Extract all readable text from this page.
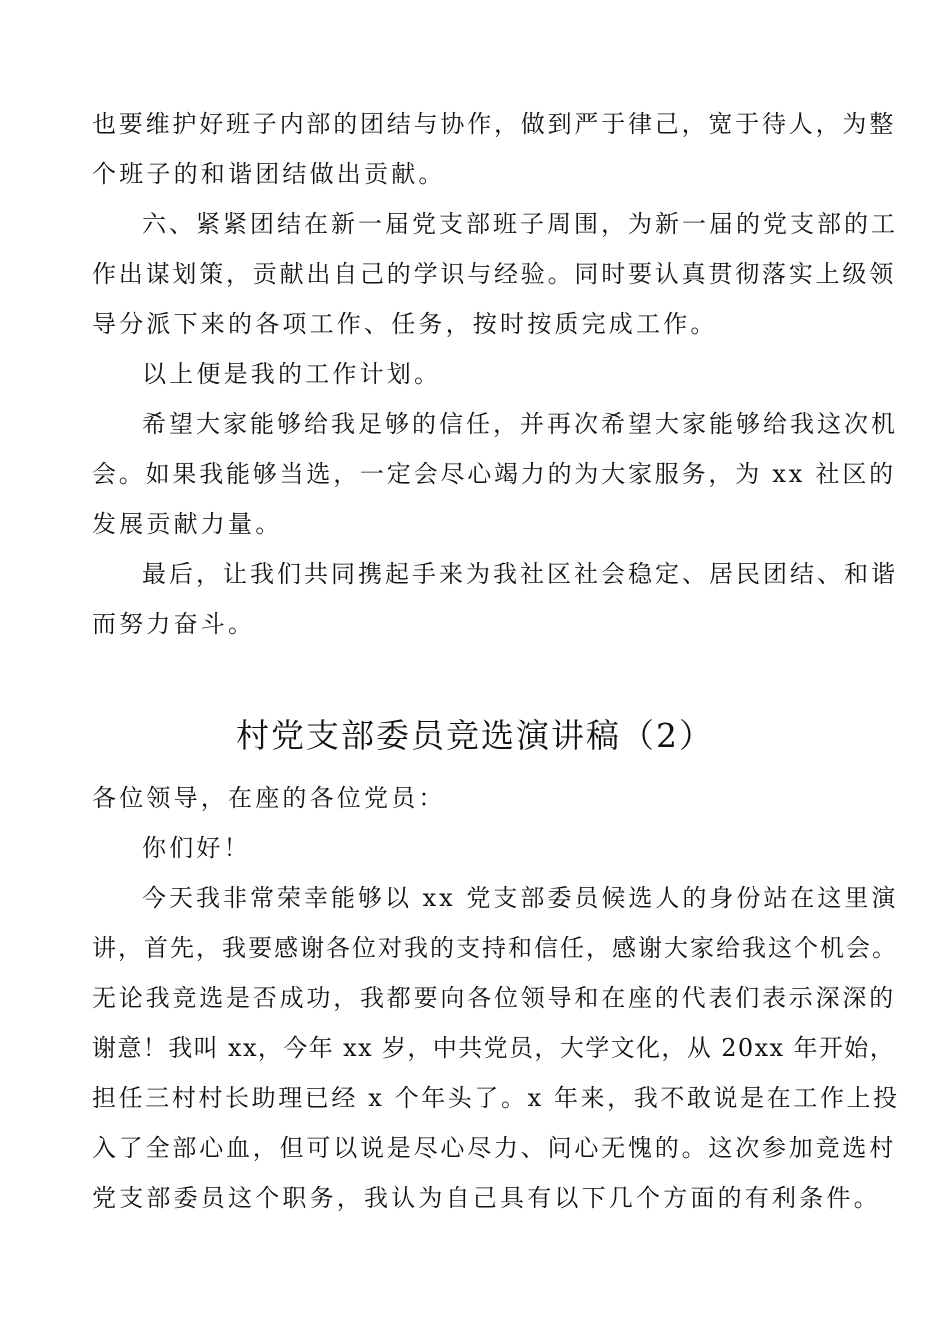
也要维护好班子内部的团结与协作，做到严于律己，宽于待人，为整
个班子的和谐团结做出贡献。
六、紧紧团结在新一届党支部班子周围，为新一届的党支部的工
作出谋划策，贡献出自己的学识与经验。同时要认真贯彻落实上级领
导分派下来的各项工作、任务，按时按质完成工作。
以上便是我的工作计划。
希望大家能够给我足够的信任，并再次希望大家能够给我这次机
会。如果我能够当选，一定会尽心竭力的为大家服务，为 xx 社区的
发展贡献力量。
最后，让我们共同携起手来为我社区社会稳定、居民团结、和谐
而努力奋斗。
村党支部委员竞选演讲稿（2）
各位领导，在座的各位党员：
你们好！
今天我非常荣幸能够以 xx 党支部委员候选人的身份站在这里演
讲，首先，我要感谢各位对我的支持和信任，感谢大家给我这个机会。
无论我竞选是否成功，我都要向各位领导和在座的代表们表示深深的
谢意！我叫 xx，今年 xx 岁，中共党员，大学文化，从 20xx 年开始，
担任三村村长助理已经 x 个年头了。x 年来，我不敢说是在工作上投
入了全部心血，但可以说是尽心尽力、问心无愧的。这次参加竞选村
党支部委员这个职务，我认为自己具有以下几个方面的有利条件。
